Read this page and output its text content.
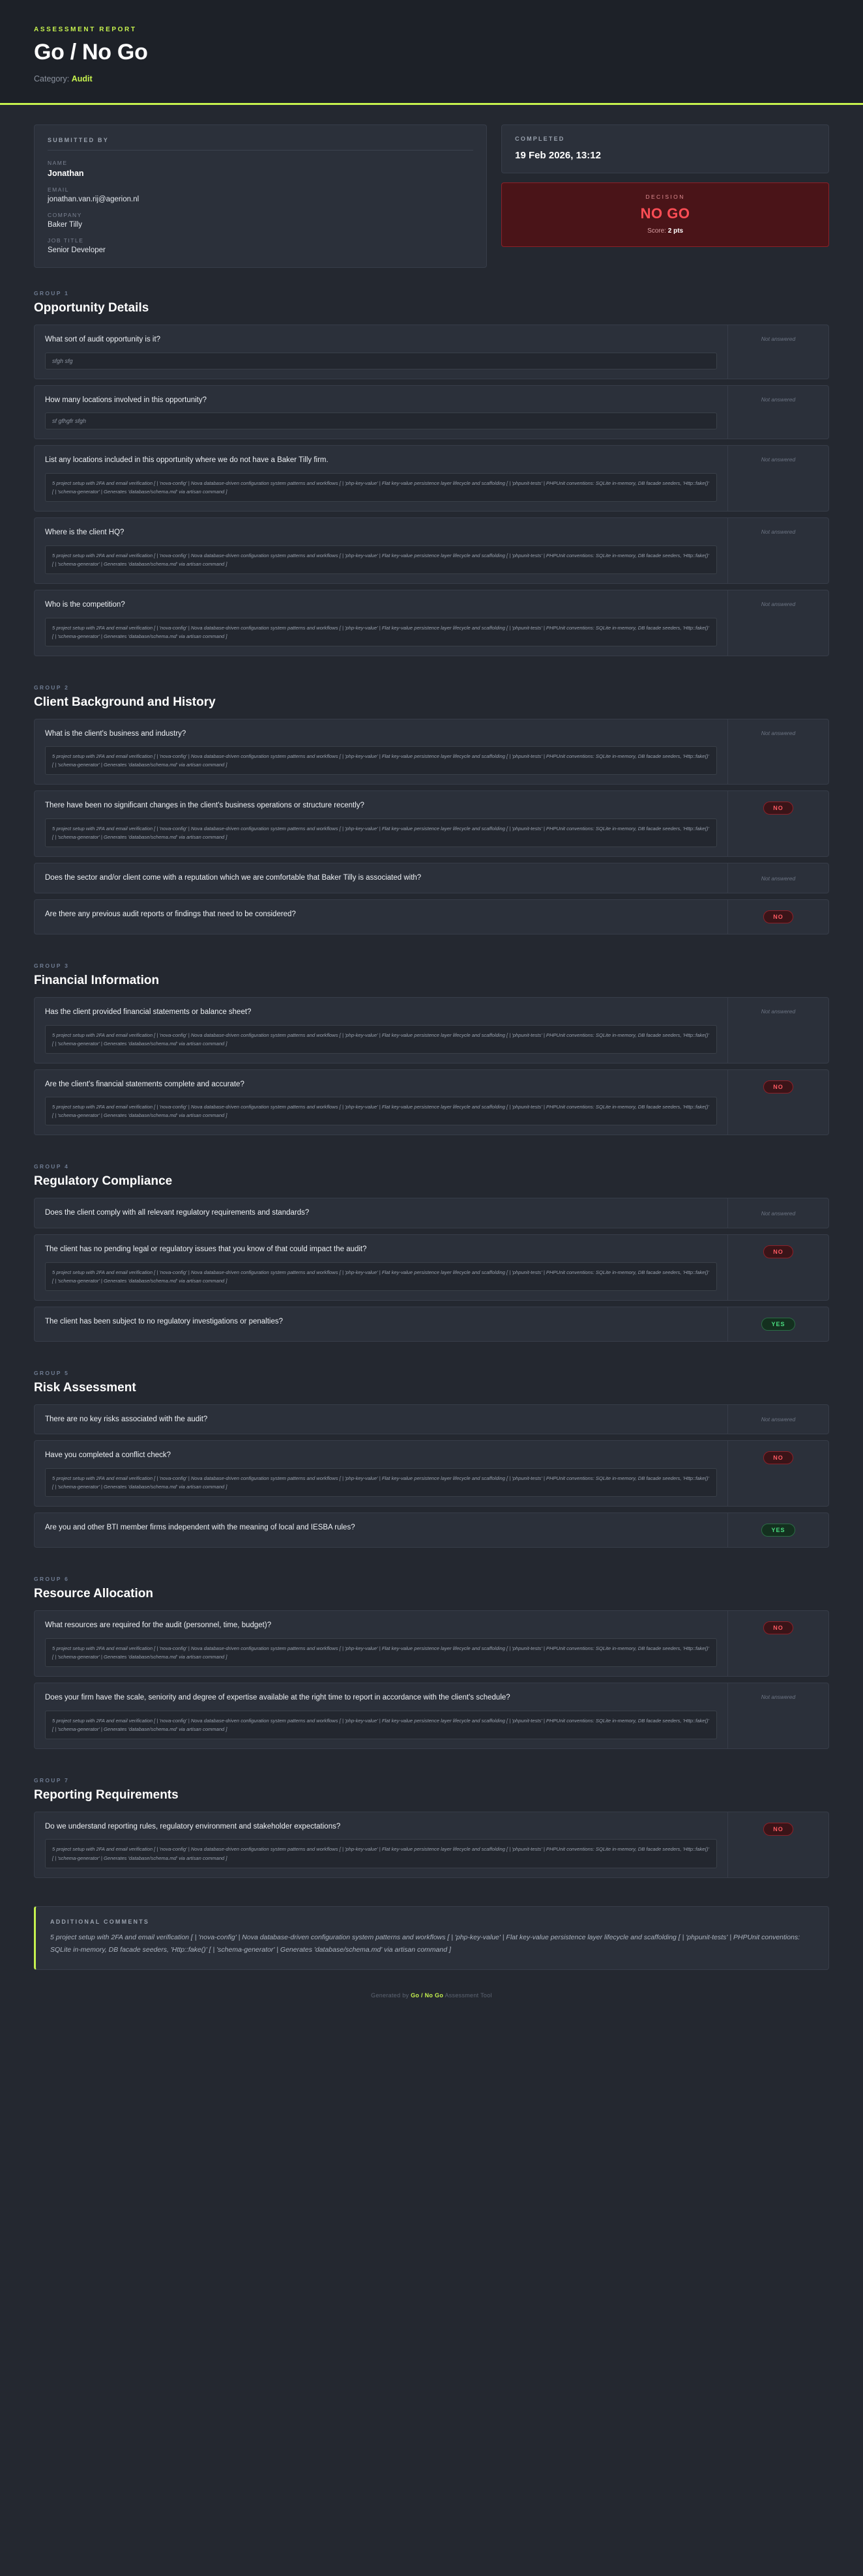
ASSESSMENT REPORT
Go / No Go
Category: Audit
SUBMITTED BY
NAME
Jonathan
EMAIL
jonathan.van.rij@agerion.nl
COMPANY
Baker Tilly
JOB TITLE
Senior Developer
COMPLETED
19 Feb 2026, 13:12
DECISION
NO GO
Score: 2 pts
GROUP 1
Opportunity Details
What sort of audit opportunity is it?
sfgh sfg
Not answered
How many locations involved in this opportunity?
sf gfhgfr sfgh
Not answered
List any locations included in this opportunity where we do not have a Baker Tilly firm.
5 project setup with 2FA and email verification [ | 'nova-config' | Nova database-driven configuration system patterns and workflows [ | 'php-key-value' | Flat key-value persistence layer lifecycle and scaffolding [ | 'phpunit-tests' | PHPUnit conventions: SQLite in-memory, DB facade seeders, 'Http::fake()' [ | 'schema-generator' | Generates 'database/schema.md' via artisan command ]
Not answered
Where is the client HQ?
5 project setup with 2FA and email verification [ | 'nova-config' | Nova database-driven configuration system patterns and workflows [ | 'php-key-value' | Flat key-value persistence layer lifecycle and scaffolding [ | 'phpunit-tests' | PHPUnit conventions: SQLite in-memory, DB facade seeders, 'Http::fake()' [ | 'schema-generator' | Generates 'database/schema.md' via artisan command ]
Not answered
Who is the competition?
5 project setup with 2FA and email verification [ | 'nova-config' | Nova database-driven configuration system patterns and workflows [ | 'php-key-value' | Flat key-value persistence layer lifecycle and scaffolding [ | 'phpunit-tests' | PHPUnit conventions: SQLite in-memory, DB facade seeders, 'Http::fake()' [ | 'schema-generator' | Generates 'database/schema.md' via artisan command ]
Not answered
GROUP 2
Client Background and History
What is the client's business and industry?
5 project setup with 2FA and email verification [ | 'nova-config' | Nova database-driven configuration system patterns and workflows [ | 'php-key-value' | Flat key-value persistence layer lifecycle and scaffolding [ | 'phpunit-tests' | PHPUnit conventions: SQLite in-memory, DB facade seeders, 'Http::fake()' [ | 'schema-generator' | Generates 'database/schema.md' via artisan command ]
Not answered
There have been no significant changes in the client's business operations or structure recently?
5 project setup with 2FA and email verification [ | 'nova-config' | Nova database-driven configuration system patterns and workflows [ | 'php-key-value' | Flat key-value persistence layer lifecycle and scaffolding [ | 'phpunit-tests' | PHPUnit conventions: SQLite in-memory, DB facade seeders, 'Http::fake()' [ | 'schema-generator' | Generates 'database/schema.md' via artisan command ]
NO
Does the sector and/or client come with a reputation which we are comfortable that Baker Tilly is associated with?	Not answered
Are there any previous audit reports or findings that need to be considered?	NO
GROUP 3
Financial Information
Has the client provided financial statements or balance sheet?
5 project setup with 2FA and email verification [ | 'nova-config' | Nova database-driven configuration system patterns and workflows [ | 'php-key-value' | Flat key-value persistence layer lifecycle and scaffolding [ | 'phpunit-tests' | PHPUnit conventions: SQLite in-memory, DB facade seeders, 'Http::fake()' [ | 'schema-generator' | Generates 'database/schema.md' via artisan command ]
Not answered
Are the client's financial statements complete and accurate?
5 project setup with 2FA and email verification [ | 'nova-config' | Nova database-driven configuration system patterns and workflows [ | 'php-key-value' | Flat key-value persistence layer lifecycle and scaffolding [ | 'phpunit-tests' | PHPUnit conventions: SQLite in-memory, DB facade seeders, 'Http::fake()' [ | 'schema-generator' | Generates 'database/schema.md' via artisan command ]
NO
GROUP 4
Regulatory Compliance
Does the client comply with all relevant regulatory requirements and standards?	Not answered
The client has no pending legal or regulatory issues that you know of that could impact the audit?
5 project setup with 2FA and email verification [ | 'nova-config' | Nova database-driven configuration system patterns and workflows [ | 'php-key-value' | Flat key-value persistence layer lifecycle and scaffolding [ | 'phpunit-tests' | PHPUnit conventions: SQLite in-memory, DB facade seeders, 'Http::fake()' [ | 'schema-generator' | Generates 'database/schema.md' via artisan command ]
NO
The client has been subject to no regulatory investigations or penalties?	YES
GROUP 5
Risk Assessment
There are no key risks associated with the audit?	Not answered
Have you completed a conflict check?
5 project setup with 2FA and email verification [ | 'nova-config' | Nova database-driven configuration system patterns and workflows [ | 'php-key-value' | Flat key-value persistence layer lifecycle and scaffolding [ | 'phpunit-tests' | PHPUnit conventions: SQLite in-memory, DB facade seeders, 'Http::fake()' [ | 'schema-generator' | Generates 'database/schema.md' via artisan command ]
NO
Are you and other BTI member firms independent with the meaning of local and IESBA rules?	YES
GROUP 6
Resource Allocation
What resources are required for the audit (personnel, time, budget)?
5 project setup with 2FA and email verification [ | 'nova-config' | Nova database-driven configuration system patterns and workflows [ | 'php-key-value' | Flat key-value persistence layer lifecycle and scaffolding [ | 'phpunit-tests' | PHPUnit conventions: SQLite in-memory, DB facade seeders, 'Http::fake()' [ | 'schema-generator' | Generates 'database/schema.md' via artisan command ]
NO
Does your firm have the scale, seniority and degree of expertise available at the right time to report in accordance with the client's schedule?
5 project setup with 2FA and email verification [ | 'nova-config' | Nova database-driven configuration system patterns and workflows [ | 'php-key-value' | Flat key-value persistence layer lifecycle and scaffolding [ | 'phpunit-tests' | PHPUnit conventions: SQLite in-memory, DB facade seeders, 'Http::fake()' [ | 'schema-generator' | Generates 'database/schema.md' via artisan command ]
Not answered
GROUP 7
Reporting Requirements
Do we understand reporting rules, regulatory environment and stakeholder expectations?
5 project setup with 2FA and email verification [ | 'nova-config' | Nova database-driven configuration system patterns and workflows [ | 'php-key-value' | Flat key-value persistence layer lifecycle and scaffolding [ | 'phpunit-tests' | PHPUnit conventions: SQLite in-memory, DB facade seeders, 'Http::fake()' [ | 'schema-generator' | Generates 'database/schema.md' via artisan command ]
NO
ADDITIONAL COMMENTS

5 project setup with 2FA and email verification [ | 'nova-config' | Nova database-driven configuration system patterns and workflows [ | 'php-key-value' | Flat key-value persistence layer lifecycle and scaffolding [ | 'phpunit-tests' | PHPUnit conventions: SQLite in-memory, DB facade seeders, 'Http::fake()' [ | 'schema-generator' | Generates 'database/schema.md' via artisan command ]

Generated by Go / No Go Assessment Tool
